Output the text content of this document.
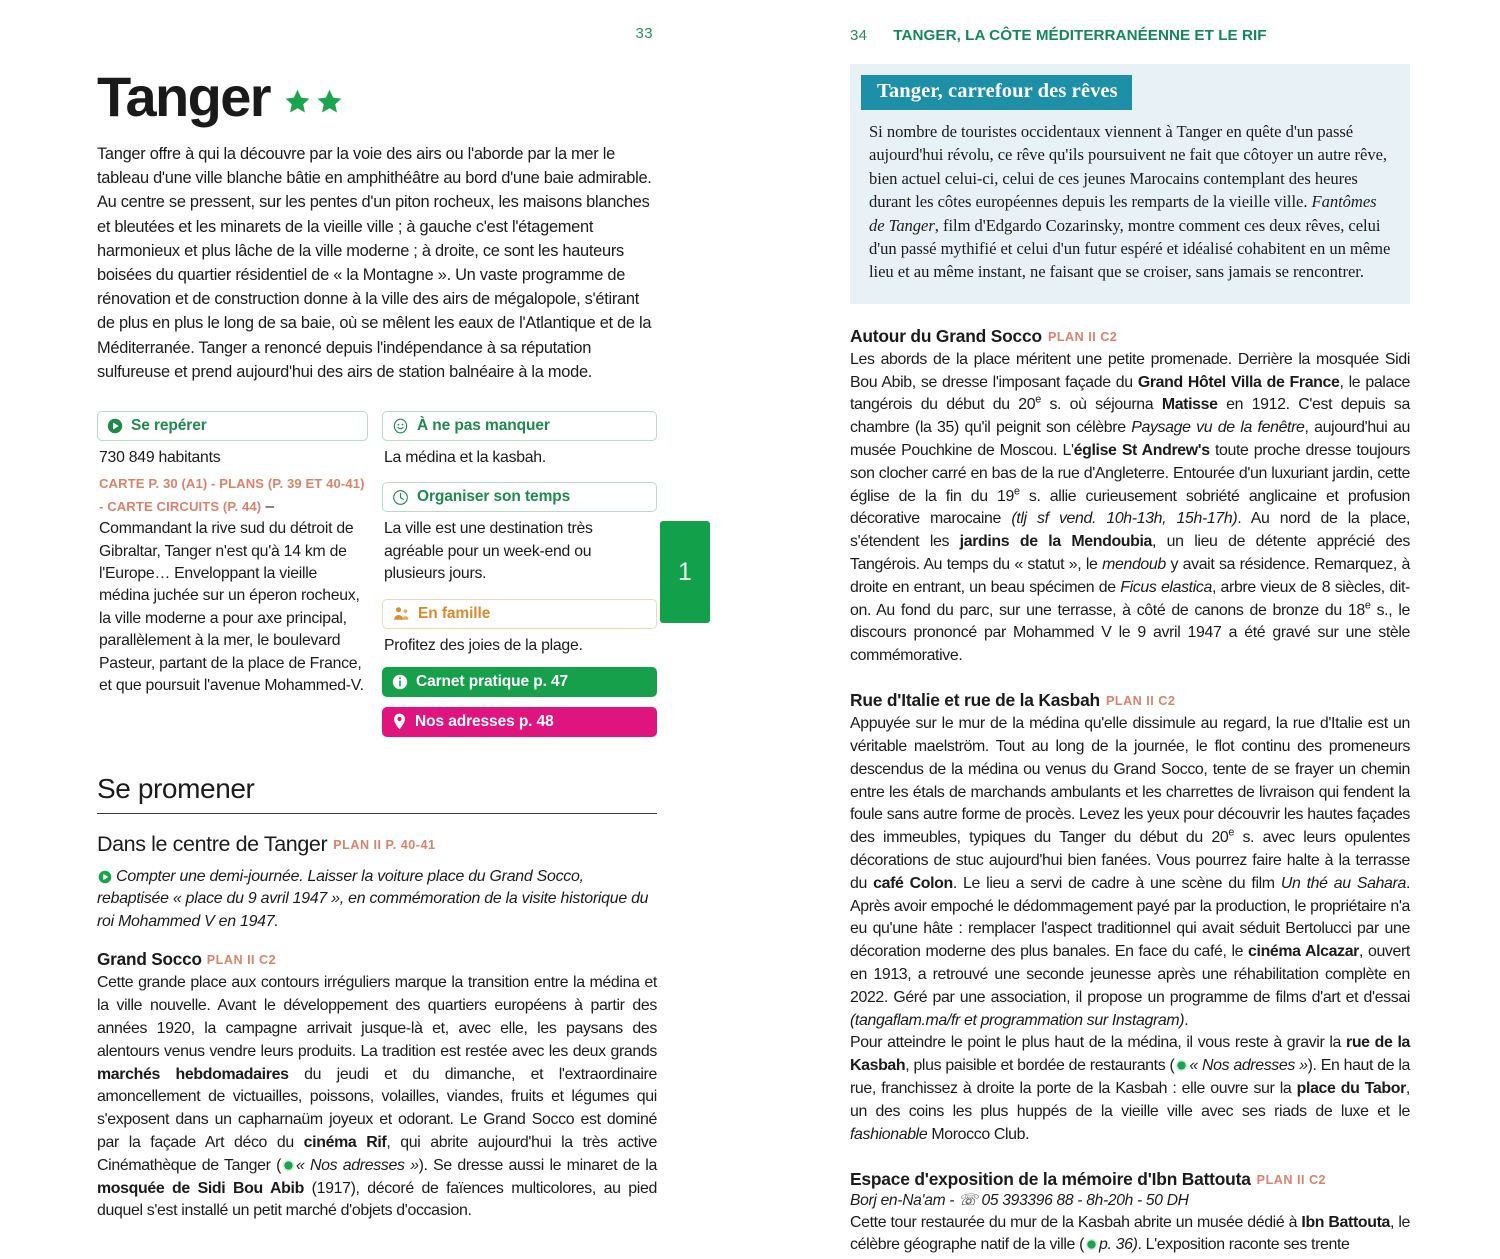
33
Tanger
Tanger offre à qui la découvre par la voie des airs ou l'aborde par la mer le tableau d'une ville blanche bâtie en amphithéâtre au bord d'une baie admirable. Au centre se pressent, sur les pentes d'un piton rocheux, les maisons blanches et bleutées et les minarets de la vieille ville ; à gauche c'est l'étagement harmonieux et plus lâche de la ville moderne ; à droite, ce sont les hauteurs boisées du quartier résidentiel de « la Montagne ». Un vaste programme de rénovation et de construction donne à la ville des airs de mégalopole, s'étirant de plus en plus le long de sa baie, où se mêlent les eaux de l'Atlantique et de la Méditerranée. Tanger a renoncé depuis l'indépendance à sa réputation sulfureuse et prend aujourd'hui des airs de station balnéaire à la mode.
Se repérer
730 849 habitants
CARTE P. 30 (A1) - PLANS (P. 39 ET 40-41) - CARTE CIRCUITS (P. 44) – Commandant la rive sud du détroit de Gibraltar, Tanger n'est qu'à 14 km de l'Europe… Enveloppant la vieille médina juchée sur un éperon rocheux, la ville moderne a pour axe principal, parallèlement à la mer, le boulevard Pasteur, partant de la place de France, et que poursuit l'avenue Mohammed-V.
À ne pas manquer
La médina et la kasbah.
Organiser son temps
La ville est une destination très agréable pour un week-end ou plusieurs jours.
En famille
Profitez des joies de la plage.
Carnet pratique p. 47
Nos adresses p. 48
Se promener
Dans le centre de Tanger PLAN II P. 40-41
Compter une demi-journée. Laisser la voiture place du Grand Socco, rebaptisée « place du 9 avril 1947 », en commémoration de la visite historique du roi Mohammed V en 1947.
Grand Socco PLAN II C2
Cette grande place aux contours irréguliers marque la transition entre la médina et la ville nouvelle. Avant le développement des quartiers européens à partir des années 1920, la campagne arrivait jusque-là et, avec elle, les paysans des alentours venus vendre leurs produits. La tradition est restée avec les deux grands marchés hebdomadaires du jeudi et du dimanche, et l'extraordinaire amoncellement de victuailles, poissons, volailles, viandes, fruits et légumes qui s'exposent dans un capharnaüm joyeux et odorant. Le Grand Socco est dominé par la façade Art déco du cinéma Rif, qui abrite aujourd'hui la très active Cinémathèque de Tanger ( « Nos adresses »). Se dresse aussi le minaret de la mosquée de Sidi Bou Abib (1917), décoré de faïences multicolores, au pied duquel s'est installé un petit marché d'objets d'occasion.
1
34 TANGER, LA CÔTE MÉDITERRANÉENNE ET LE RIF
Tanger, carrefour des rêves
Si nombre de touristes occidentaux viennent à Tanger en quête d'un passé aujourd'hui révolu, ce rêve qu'ils poursuivent ne fait que côtoyer un autre rêve, bien actuel celui-ci, celui de ces jeunes Marocains contemplant des heures durant les côtes européennes depuis les remparts de la vieille ville. Fantômes de Tanger, film d'Edgardo Cozarinsky, montre comment ces deux rêves, celui d'un passé mythifié et celui d'un futur espéré et idéalisé cohabitent en un même lieu et au même instant, ne faisant que se croiser, sans jamais se rencontrer.
Autour du Grand Socco PLAN II C2
Les abords de la place méritent une petite promenade. Derrière la mosquée Sidi Bou Abib, se dresse l'imposant façade du Grand Hôtel Villa de France, le palace tangérois du début du 20e s. où séjourna Matisse en 1912. C'est depuis sa chambre (la 35) qu'il peignit son célèbre Paysage vu de la fenêtre, aujourd'hui au musée Pouchkine de Moscou. L'église St Andrew's toute proche dresse toujours son clocher carré en bas de la rue d'Angleterre. Entourée d'un luxuriant jardin, cette église de la fin du 19e s. allie curieusement sobriété anglicaine et profusion décorative marocaine (tlj sf vend. 10h-13h, 15h-17h). Au nord de la place, s'étendent les jardins de la Mendoubia, un lieu de détente apprécié des Tangérois. Au temps du « statut », le mendoub y avait sa résidence. Remarquez, à droite en entrant, un beau spécimen de Ficus elastica, arbre vieux de 8 siècles, dit-on. Au fond du parc, sur une terrasse, à côté de canons de bronze du 18e s., le discours prononcé par Mohammed V le 9 avril 1947 a été gravé sur une stèle commémorative.
Rue d'Italie et rue de la Kasbah PLAN II C2
Appuyée sur le mur de la médina qu'elle dissimule au regard, la rue d'Italie est un véritable maelström. Tout au long de la journée, le flot continu des promeneurs descendus de la médina ou venus du Grand Socco, tente de se frayer un chemin entre les étals de marchands ambulants et les charrettes de livraison qui fendent la foule sans autre forme de procès. Levez les yeux pour découvrir les hautes façades des immeubles, typiques du Tanger du début du 20e s. avec leurs opulentes décorations de stuc aujourd'hui bien fanées. Vous pourrez faire halte à la terrasse du café Colon. Le lieu a servi de cadre à une scène du film Un thé au Sahara. Après avoir empoché le dédommagement payé par la production, le propriétaire n'a eu qu'une hâte : remplacer l'aspect traditionnel qui avait séduit Bertolucci par une décoration moderne des plus banales. En face du café, le cinéma Alcazar, ouvert en 1913, a retrouvé une seconde jeunesse après une réhabilitation complète en 2022. Géré par une association, il propose un programme de films d'art et d'essai (tangaflam.ma/fr et programmation sur Instagram).
Pour atteindre le point le plus haut de la médina, il vous reste à gravir la rue de la Kasbah, plus paisible et bordée de restaurants ( « Nos adresses »). En haut de la rue, franchissez à droite la porte de la Kasbah : elle ouvre sur la place du Tabor, un des coins les plus huppés de la vieille ville avec ses riads de luxe et le fashionable Morocco Club.
Espace d'exposition de la mémoire d'Ibn Battouta PLAN II C2
Borj en-Na'am - ☏ 05 393396 88 - 8h-20h - 50 DH
Cette tour restaurée du mur de la Kasbah abrite un musée dédié à Ibn Battouta, le célèbre géographe natif de la ville ( p. 36). L'exposition raconte ses trente
